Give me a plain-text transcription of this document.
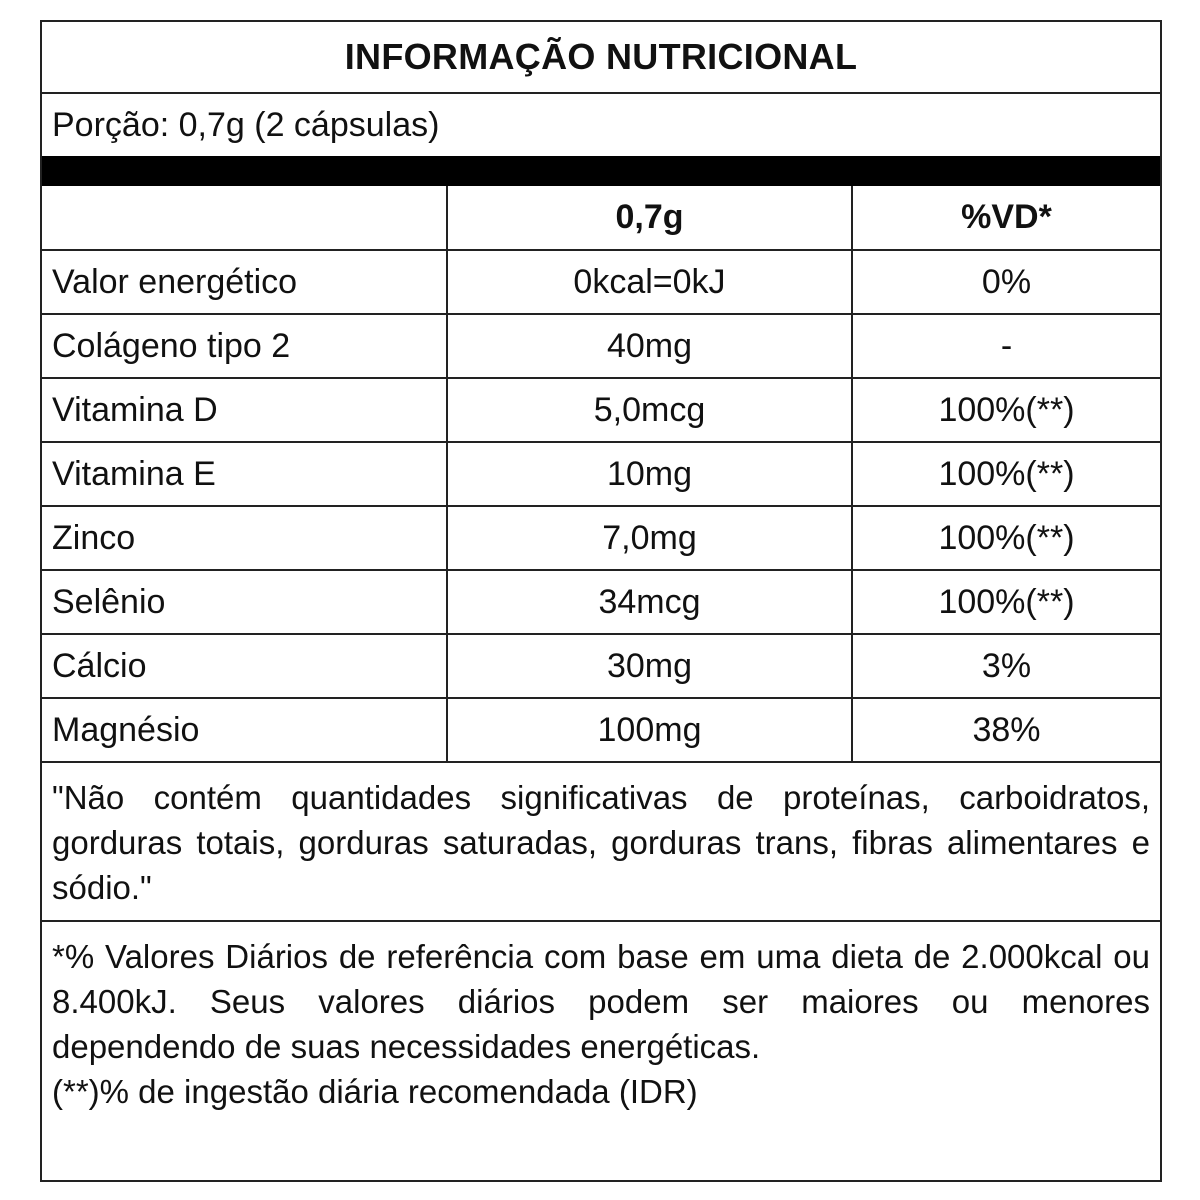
INFORMAÇÃO NUTRICIONAL
Porção: 0,7g (2 cápsulas)
	0,7g	%VD*
Valor energético	0kcal=0kJ	0%
Colágeno tipo 2	40mg	-
Vitamina D	5,0mcg	100%(**)
Vitamina E	10mg	100%(**)
Zinco	7,0mg	100%(**)
Selênio	34mcg	100%(**)
Cálcio	30mg	3%
Magnésio	100mg	38%
"Não contém quantidades significativas de proteínas, carboidratos, gorduras totais, gorduras saturadas, gorduras trans, fibras alimentares e sódio."

*% Valores Diários de referência com base em uma dieta de 2.000kcal ou 8.400kJ. Seus valores diários podem ser maiores ou menores dependendo de suas necessidades energéticas.

(**)% de ingestão diária recomendada (IDR)
